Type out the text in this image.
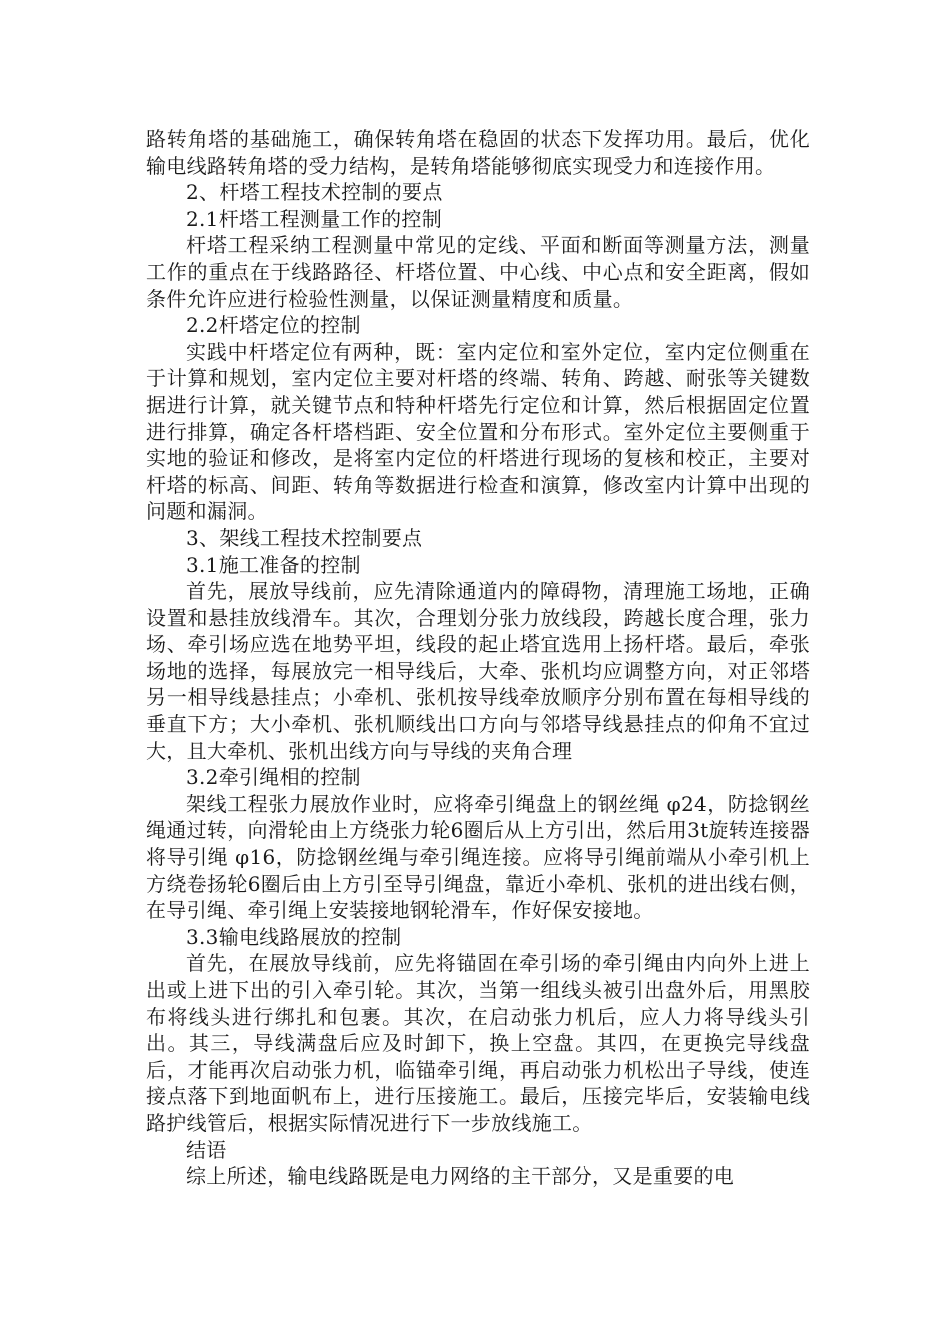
路转角塔的基础施工，确保转角塔在稳固的状态下发挥功用。最后，优化输电线路转角塔的受力结构，是转角塔能够彻底实现受力和连接作用。

2、杆塔工程技术控制的要点

2.1杆塔工程测量工作的控制

杆塔工程采纳工程测量中常见的定线、平面和断面等测量方法，测量工作的重点在于线路路径、杆塔位置、中心线、中心点和安全距离，假如条件允许应进行检验性测量，以保证测量精度和质量。

2.2杆塔定位的控制

实践中杆塔定位有两种，既：室内定位和室外定位，室内定位侧重在于计算和规划，室内定位主要对杆塔的终端、转角、跨越、耐张等关键数据进行计算，就关键节点和特种杆塔先行定位和计算，然后根据固定位置进行排算，确定各杆塔档距、安全位置和分布形式。室外定位主要侧重于实地的验证和修改，是将室内定位的杆塔进行现场的复核和校正，主要对杆塔的标高、间距、转角等数据进行检查和演算，修改室内计算中出现的问题和漏洞。

3、架线工程技术控制要点

3.1施工准备的控制

首先，展放导线前，应先清除通道内的障碍物，清理施工场地，正确设置和悬挂放线滑车。其次，合理划分张力放线段，跨越长度合理，张力场、牵引场应选在地势平坦，线段的起止塔宜选用上扬杆塔。最后，牵张场地的选择，每展放完一相导线后，大牵、张机均应调整方向，对正邻塔另一相导线悬挂点；小牵机、张机按导线牵放顺序分别布置在每相导线的垂直下方；大小牵机、张机顺线出口方向与邻塔导线悬挂点的仰角不宜过大，且大牵机、张机出线方向与导线的夹角合理

3.2牵引绳相的控制

架线工程张力展放作业时，应将牵引绳盘上的钢丝绳 φ24，防捻钢丝绳通过转，向滑轮由上方绕张力轮6圈后从上方引出，然后用3t旋转连接器将导引绳 φ16，防捻钢丝绳与牵引绳连接。应将导引绳前端从小牵引机上方绕卷扬轮6圈后由上方引至导引绳盘，靠近小牵机、张机的进出线右侧，在导引绳、牵引绳上安装接地钢轮滑车，作好保安接地。

3.3输电线路展放的控制

首先，在展放导线前，应先将锚固在牵引场的牵引绳由内向外上进上出或上进下出的引入牵引轮。其次，当第一组线头被引出盘外后，用黑胶布将线头进行绑扎和包裹。其次，在启动张力机后，应人力将导线头引出。其三，导线满盘后应及时卸下，换上空盘。其四，在更换完导线盘后，才能再次启动张力机，临锚牵引绳，再启动张力机松出子导线，使连接点落下到地面帆布上，进行压接施工。最后，压接完毕后，安装输电线路护线管后，根据实际情况进行下一步放线施工。

结语

综上所述，输电线路既是电力网络的主干部分，又是重要的电
